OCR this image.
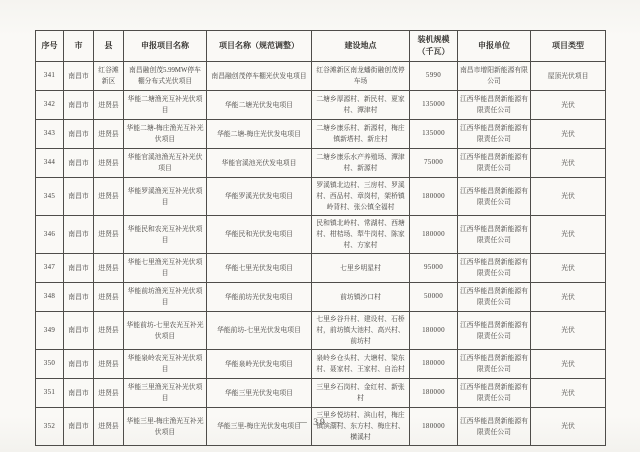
序号	市	县	申报项目名称	项目名称（规范调整）	建设地点	装机规模（千瓦）	申报单位	项目类型
341	南昌市	红谷滩新区	南昌融创茂5.99MW停车棚分布式光伏项目	南昌融创茂停车棚光伏发电项目	红谷滩新区南龙蟠街融创茂停车场	5990	南昌市增阳新能源有限公司	屋顶光伏项目
342	南昌市	进贤县	华能二塘渔光互补光伏项目	华能二塘光伏发电项目	二塘乡厚源村、新民村、夏家村、潭津村	135000	江西华能昌贤新能源有限责任公司	光伏
343	南昌市	进贤县	华能二塘-梅庄渔光互补光伏项目	华能二塘-梅庄光伏发电项目	二塘乡康乐村、新源村，梅庄镇新塔村、新庄村	135000	江西华能昌贤新能源有限责任公司	光伏
344	南昌市	进贤县	华能官溪池渔光互补光伏项目	华能官溪池光伏发电项目	二塘乡康乐水产养殖场、潭津村、新源村	75000	江西华能昌贤新能源有限责任公司	光伏
345	南昌市	进贤县	华能罗溪渔光互补光伏项目	华能罗溪光伏发电项目	罗溪镇北边村、三房村、罗溪村、西品村、章岗村，架桥镇岭背村、张公镇全福村	180000	江西华能昌贤新能源有限责任公司	光伏
346	南昌市	进贤县	华能民和农光互补光伏项目	华能民和光伏发电项目	民和镇北岭村、常湖村、西塘村、柑桔场、犁牛岗村、陈家村、方家村	180000	江西华能昌贤新能源有限责任公司	光伏
347	南昌市	进贤县	华能七里渔光互补光伏项目	华能七里光伏发电项目	七里乡明星村	95000	江西华能昌贤新能源有限责任公司	光伏
348	南昌市	进贤县	华能前坊渔光互补光伏项目	华能前坊光伏发电项目	前坊镇沙口村	50000	江西华能昌贤新能源有限责任公司	光伏
349	南昌市	进贤县	华能前坊-七里农光互补光伏项目	华能前坊-七里光伏发电项目	七里乡谷升村、建设村、石桥村，前坊镇大池村、高兴村、前坊村	180000	江西华能昌贤新能源有限责任公司	光伏
350	南昌市	进贤县	华能泉岭农光互补光伏项目	华能泉岭光伏发电项目	泉岭乡仓头村、大塘村、梁东村、聂家村、王家村、自治村	180000	江西华能昌贤新能源有限责任公司	光伏
351	南昌市	进贤县	华能三里渔光互补光伏项目	华能三里光伏发电项目	三里乡石岗村、金红村、新张村	180000	江西华能昌贤新能源有限责任公司	光伏
352	南昌市	进贤县	华能三里-梅庄渔光互补光伏项目	华能三里-梅庄光伏发电项目	三里乡悦坊村、滨山村，梅庄镇滨湖村、东方村、梅庄村、横溪村	180000	江西华能昌贤新能源有限责任公司	光伏
— 39 —
